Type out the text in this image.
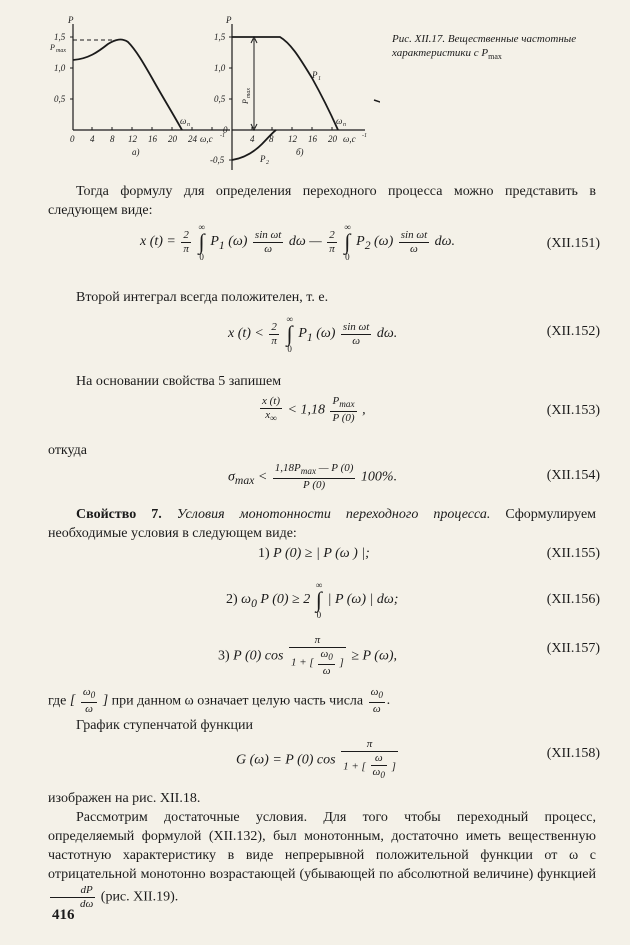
P
1,5
1,0
0,5
P max
0 4 8 12 16 20 24
ω п
ω,c -1
а)
P
1,5
1,0
0,5
0
-0,5
4 8 12 16 20
P
max
P 1
P 2
ω п
ω,c -1
б)
Рис. XII.17. Вещественные частотные характеристики с $P_{max}$
Тогда формулу для определения переходного процесса можно представить в следующем виде:
x $(t) = \frac{2}{\pi}$

∞
∫
0
$P_1$ $(\omega) \frac{\text{sin ωt}}{\omega}$ dω — $\frac{2}{\pi}$

∞
∫
0
$P_2$ $(\omega) \frac{\text{sin ωt}}{\omega} d\omega$.	(XII.151)
Второй интеграл всегда положителен, т. е.
x $(t) < \frac{2}{\pi}$

∞
∫
0
$P_1$ $(\omega) \frac{\text{sin ωt}}{\omega} d\omega$.	(XII.152)
На основании свойства 5 запишем
$\frac{x (t)}{x_\infty} < 1,18 \frac{P_{max}}{P (0)}$ ,	(XII.153)
откуда
$\sigma_{max} < \frac{1,18P_{max} — P (0)}{P (0)} 100\%$.	(XII.154)
Свойство 7. Условия монотонности переходного процесса. Сформулируем необходимые условия в следующем виде:
1) P (0) ≥ | P (ω ) |;	(XII.155)
2) $\omega_0$ P (0) ≥ 2
∞
∫
0
| P (ω) | dω;	(XII.156)
3) P (0) $\cos \frac{\pi}{1 + [ \frac{\omega_0}{\omega} ]} \ge P$ (ω),	(XII.157)
где [ $\frac{\omega_0}{\omega}$ ] при данном ω означает целую часть числа $\frac{\omega_0}{\omega}$ .
График ступенчатой функции
G (ω) = P (0) $\cos \frac{\pi}{1 + [ \frac{\omega}{\omega_0} ]}$	(XII.158)
изображен на рис. XII.18.
Рассмотрим достаточные условия. Для того чтобы переходный процесс, определяемый формулой (XII.132), был монотонным, достаточно иметь вещественную частотную характеристику в виде непрерывной положительной функции от ω с отрицательной монотонно возрастающей (убывающей по абсолютной величине) функцией
$\frac{dP}{d\omega} (рис$. XII.19).
416
